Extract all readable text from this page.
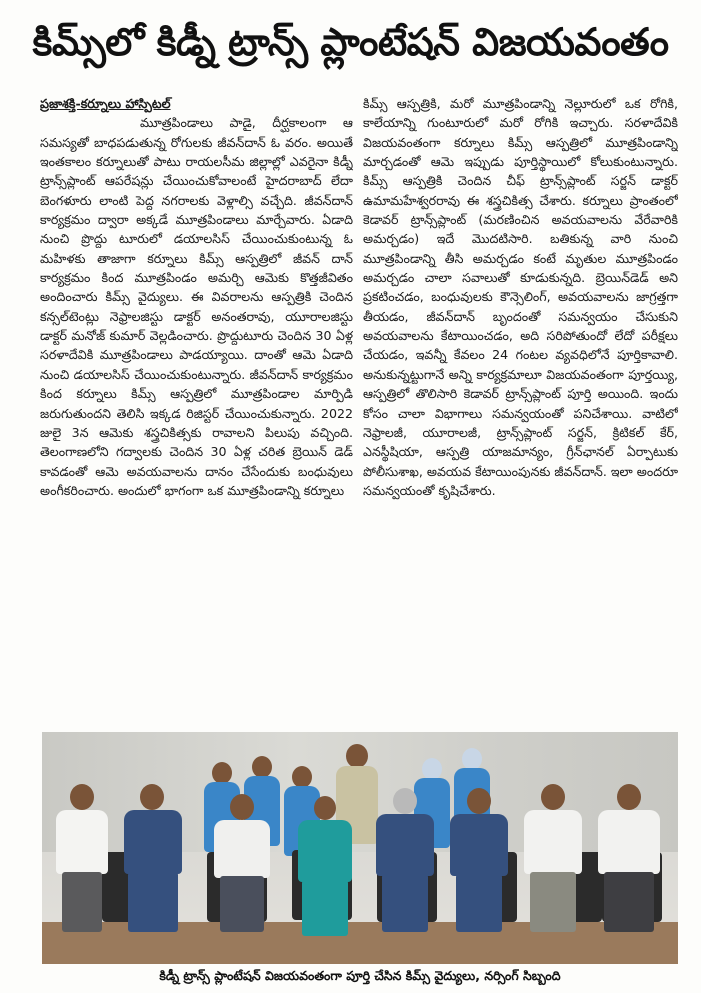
కిమ్స్‌లో కిడ్నీ ట్రాన్స్ ప్లాంటేషన్ విజయవంతం

ప్రజాశక్తి-కర్నూలు హాస్పిటల్
మూత్రపిండాలు పాడై, దీర్ఘకాలంగా ఆ సమస్యతో బాధపడుతున్న రోగులకు జీవన్‌దాన్ ఓ వరం. అయితే ఇంతకాలం కర్నూలుతో పాటు రాయలసీమ జిల్లాల్లో ఎవరైనా కిడ్నీ ట్రాన్స్‌ప్లాంట్ ఆపరేషన్లు చేయించుకోవాలంటే హైదరాబాద్ లేదా బెంగళూరు లాంటి పెద్ద నగరాలకు వెళ్లాల్సి వచ్చేది. జీవన్‌దాన్ కార్యక్రమం ద్వారా అక్కడే మూత్రపిండాలు మార్చేవారు. ఏడాది నుంచి ప్రొద్దు టూరులో డయాలసిస్ చేయించుకుంటున్న ఓ మహిళకు తాజాగా కర్నూలు కిమ్స్ ఆస్పత్రిలో జీవన్ దాన్ కార్యక్రమం కింద మూత్రపిండం అమర్చి ఆమెకు కొత్తజీవితం అందించారు కిమ్స్ వైద్యులు. ఈ వివరాలను ఆస్పత్రికి చెందిన కన్సల్‌టెంట్లు నెఫ్రాలజిస్టు డాక్టర్ అనంతరావు, యూరాలజిస్టు డాక్టర్ మనోజ్ కుమార్ వెల్లడించారు. ప్రొద్దుటూరు చెందిన 30 ఏళ్ల సరళాదేవికి మూత్రపిండాలు పాడయ్యాయి. దాంతో ఆమె ఏడాది నుంచి డయాలసిస్ చేయించుకుంటున్నారు. జీవన్‌దాన్ కార్యక్రమం కింద కర్నూలు కిమ్స్ ఆస్పత్రిలో మూత్రపిండాల మార్పిడి జరుగుతుందని తెలిసి ఇక్కడ రిజిస్టర్ చేయించుకున్నారు. 2022 జులై 3న ఆమెకు శస్త్రచికిత్సకు రావాలని పిలుపు వచ్చింది. తెలంగాణలోని గద్వాలకు చెందిన 30 ఏళ్ల చరిత బ్రెయిన్ డెడ్ కావడంతో ఆమె అవయవాలను దానం చేసేందుకు బంధువులు అంగీకరించారు. అందులో భాగంగా ఒక మూత్రపిండాన్ని కర్నూలు

కిమ్స్ ఆస్పత్రికి, మరో మూత్రపిండాన్ని నెల్లూరులో ఒక రోగికి, కాలేయాన్ని గుంటూరులో మరో రోగికి ఇచ్చారు. సరళాదేవికి విజయవంతంగా కర్నూలు కిమ్స్ ఆస్పత్రిలో మూత్రపిండాన్ని మార్చడంతో ఆమె ఇప్పుడు పూర్తిస్థాయిలో కోలుకుంటున్నారు. కిమ్స్ ఆస్పత్రికి చెందిన చీఫ్ ట్రాన్స్‌ప్లాంట్ సర్జన్ డాక్టర్ ఉమామహేశ్వరరావు ఈ శస్త్రచికిత్స చేశారు. కర్నూలు ప్రాంతంలో కెడావర్ ట్రాన్స్‌ప్లాంట్ (మరణించిన అవయవాలను వేరేవారికి అమర్చడం) ఇదే మొదటిసారి. బతికున్న వారి నుంచి మూత్రపిండాన్ని తీసి అమర్చడం కంటే మృతుల మూత్రపిండం అమర్చడం చాలా సవాలుతో కూడుకున్నది. బ్రెయిన్‌డెడ్ అని ప్రకటించడం, బంధువులకు కౌన్సెలింగ్, అవయవాలను జాగ్రత్తగా తీయడం, జీవన్‌దాన్ బృందంతో సమన్వయం చేసుకుని అవయవాలను కేటాయించడం, అది సరిపోతుందో లేదో పరీక్షలు చేయడం, ఇవన్నీ కేవలం 24 గంటల వ్యవధిలోనే పూర్తికావాలి. అనుకున్నట్టుగానే అన్ని కార్యక్రమాలూ విజయవంతంగా పూర్తయ్యి, ఆస్పత్రిలో తొలిసారి కెడావర్ ట్రాన్స్‌ప్లాంట్ పూర్తి అయింది. ఇందు కోసం చాలా విభాగాలు సమన్వయంతో పనిచేశాయి. వాటిలో నెఫ్రాలజీ, యూరాలజీ, ట్రాన్స్‌ప్లాంట్ సర్జన్, క్రిటికల్ కేర్, ఎనస్థీషియా, ఆస్పత్రి యాజమాన్యం, గ్రీన్‌ఛానల్ ఏర్పాటుకు పోలీసుశాఖ, అవయవ కేటాయింపునకు జీవన్‌దాన్. ఇలా అందరూ సమన్వయంతో కృషిచేశారు.

కిడ్నీ ట్రాన్స్ ప్లాంటేషన్ విజయవంతంగా పూర్తి చేసిన కిమ్స్ వైద్యులు, నర్సింగ్ సిబ్బంది
